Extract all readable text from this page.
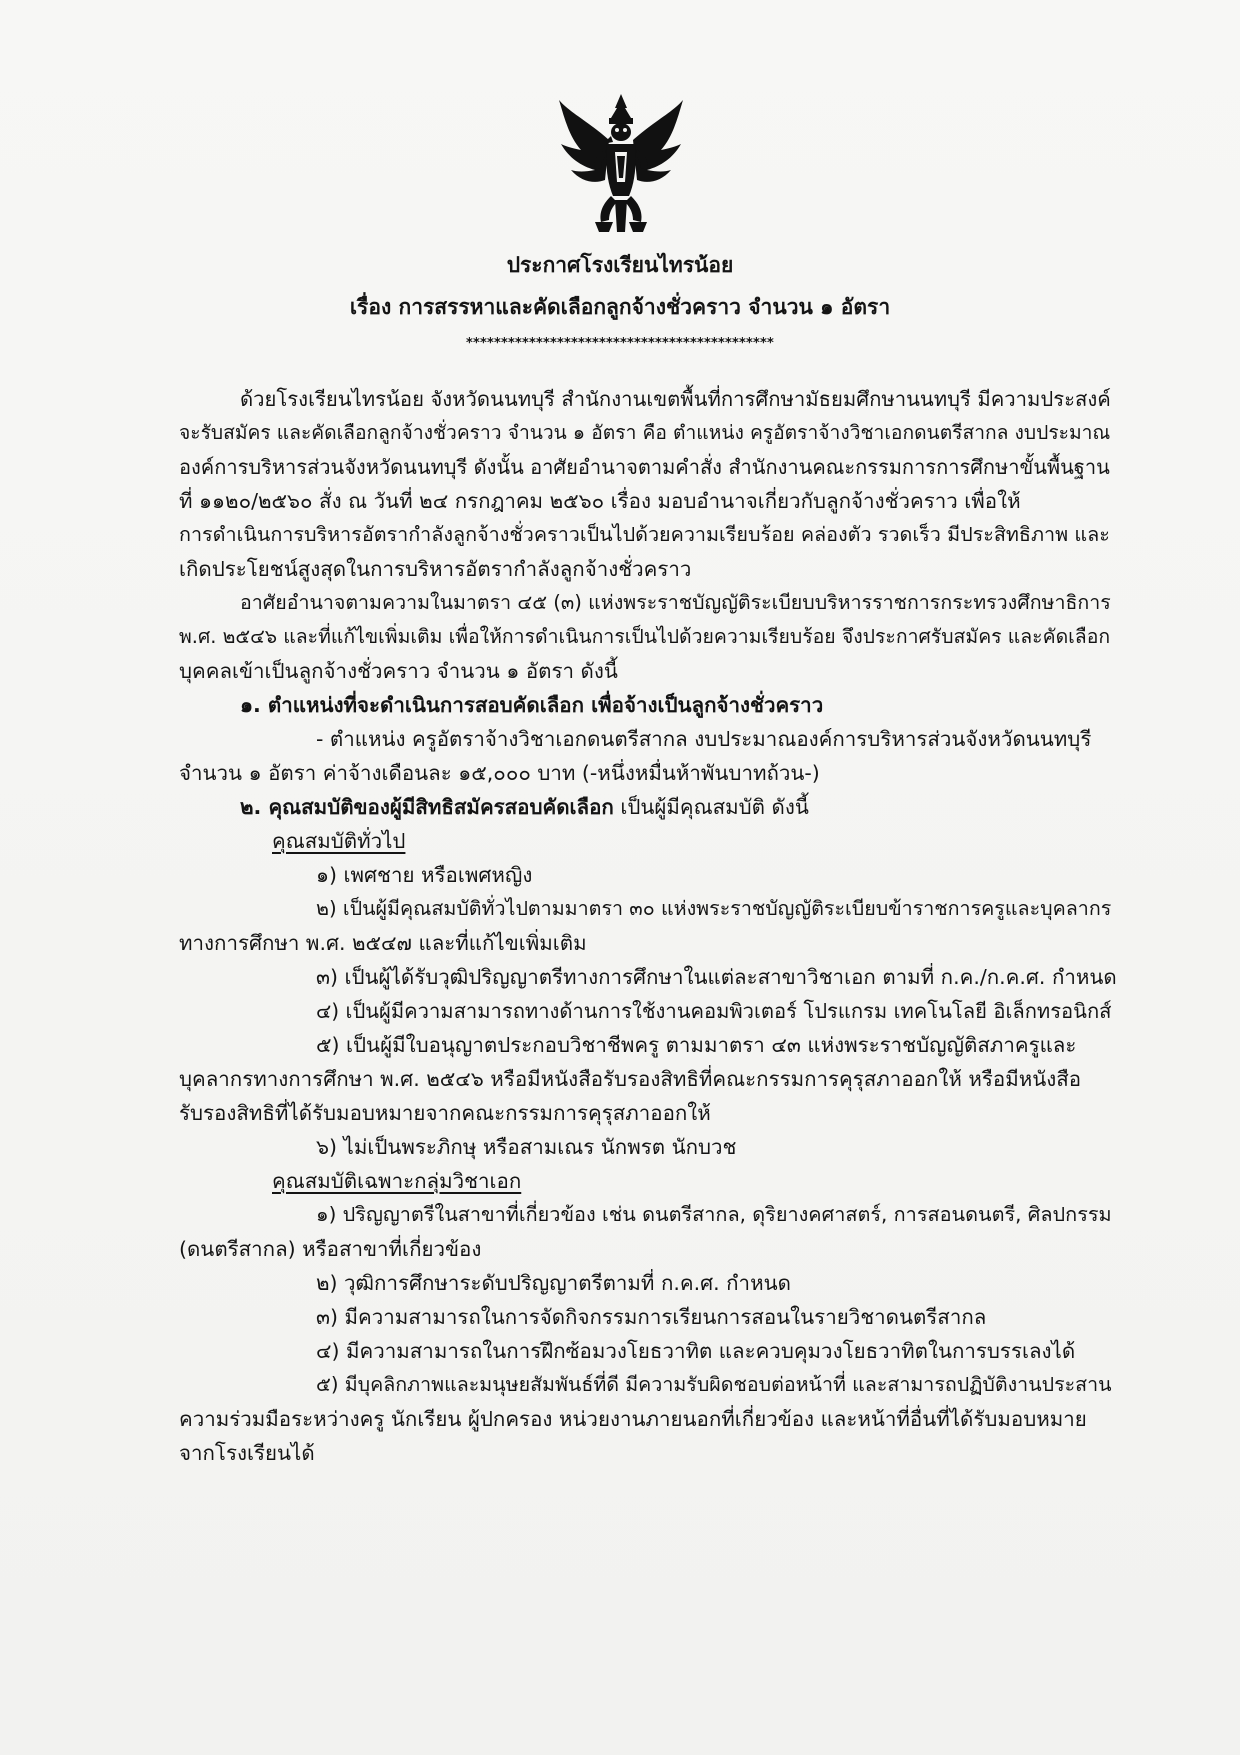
ประกาศโรงเรียนไทรน้อย
เรื่อง การสรรหาและคัดเลือกลูกจ้างชั่วคราว จำนวน ๑ อัตรา
********************************************
ด้วยโรงเรียนไทรน้อย จังหวัดนนทบุรี สำนักงานเขตพื้นที่การศึกษามัธยมศึกษานนทบุรี มีความประสงค์
จะรับสมัคร และคัดเลือกลูกจ้างชั่วคราว จำนวน ๑ อัตรา คือ ตำแหน่ง ครูอัตราจ้างวิชาเอกดนตรีสากล งบประมาณ
องค์การบริหารส่วนจังหวัดนนทบุรี ดังนั้น อาศัยอำนาจตามคำสั่ง สำนักงานคณะกรรมการการศึกษาขั้นพื้นฐาน
ที่ ๑๑๒๐/๒๕๖๐ สั่ง ณ วันที่ ๒๔ กรกฎาคม ๒๕๖๐ เรื่อง มอบอำนาจเกี่ยวกับลูกจ้างชั่วคราว เพื่อให้
การดำเนินการบริหารอัตรากำลังลูกจ้างชั่วคราวเป็นไปด้วยความเรียบร้อย คล่องตัว รวดเร็ว มีประสิทธิภาพ และ
เกิดประโยชน์สูงสุดในการบริหารอัตรากำลังลูกจ้างชั่วคราว
อาศัยอำนาจตามความในมาตรา ๔๕ (๓) แห่งพระราชบัญญัติระเบียบบริหารราชการกระทรวงศึกษาธิการ
พ.ศ. ๒๕๔๖ และที่แก้ไขเพิ่มเติม เพื่อให้การดำเนินการเป็นไปด้วยความเรียบร้อย จึงประกาศรับสมัคร และคัดเลือก
บุคคลเข้าเป็นลูกจ้างชั่วคราว จำนวน ๑ อัตรา ดังนี้
๑. ตำแหน่งที่จะดำเนินการสอบคัดเลือก เพื่อจ้างเป็นลูกจ้างชั่วคราว
- ตำแหน่ง ครูอัตราจ้างวิชาเอกดนตรีสากล งบประมาณองค์การบริหารส่วนจังหวัดนนทบุรี
จำนวน ๑ อัตรา ค่าจ้างเดือนละ ๑๕,๐๐๐ บาท (-หนึ่งหมื่นห้าพันบาทถ้วน-)
๒. คุณสมบัติของผู้มีสิทธิสมัครสอบคัดเลือก เป็นผู้มีคุณสมบัติ ดังนี้
คุณสมบัติทั่วไป
๑) เพศชาย หรือเพศหญิง
๒) เป็นผู้มีคุณสมบัติทั่วไปตามมาตรา ๓๐ แห่งพระราชบัญญัติระเบียบข้าราชการครูและบุคลากร
ทางการศึกษา พ.ศ. ๒๕๔๗ และที่แก้ไขเพิ่มเติม
๓) เป็นผู้ได้รับวุฒิปริญญาตรีทางการศึกษาในแต่ละสาขาวิชาเอก ตามที่ ก.ค./ก.ค.ศ. กำหนด
๔) เป็นผู้มีความสามารถทางด้านการใช้งานคอมพิวเตอร์ โปรแกรม เทคโนโลยี อิเล็กทรอนิกส์
๕) เป็นผู้มีใบอนุญาตประกอบวิชาชีพครู ตามมาตรา ๔๓ แห่งพระราชบัญญัติสภาครูและ
บุคลากรทางการศึกษา พ.ศ. ๒๕๔๖ หรือมีหนังสือรับรองสิทธิที่คณะกรรมการคุรุสภาออกให้ หรือมีหนังสือ
รับรองสิทธิที่ได้รับมอบหมายจากคณะกรรมการคุรุสภาออกให้
๖) ไม่เป็นพระภิกษุ หรือสามเณร นักพรต นักบวช
คุณสมบัติเฉพาะกลุ่มวิชาเอก
๑) ปริญญาตรีในสาขาที่เกี่ยวข้อง เช่น ดนตรีสากล, ดุริยางคศาสตร์, การสอนดนตรี, ศิลปกรรม
(ดนตรีสากล) หรือสาขาที่เกี่ยวข้อง
๒) วุฒิการศึกษาระดับปริญญาตรีตามที่ ก.ค.ศ. กำหนด
๓) มีความสามารถในการจัดกิจกรรมการเรียนการสอนในรายวิชาดนตรีสากล
๔) มีความสามารถในการฝึกซ้อมวงโยธวาทิต และควบคุมวงโยธวาทิตในการบรรเลงได้
๕) มีบุคลิกภาพและมนุษยสัมพันธ์ที่ดี มีความรับผิดชอบต่อหน้าที่ และสามารถปฏิบัติงานประสาน
ความร่วมมือระหว่างครู นักเรียน ผู้ปกครอง หน่วยงานภายนอกที่เกี่ยวข้อง และหน้าที่อื่นที่ได้รับมอบหมาย
จากโรงเรียนได้
